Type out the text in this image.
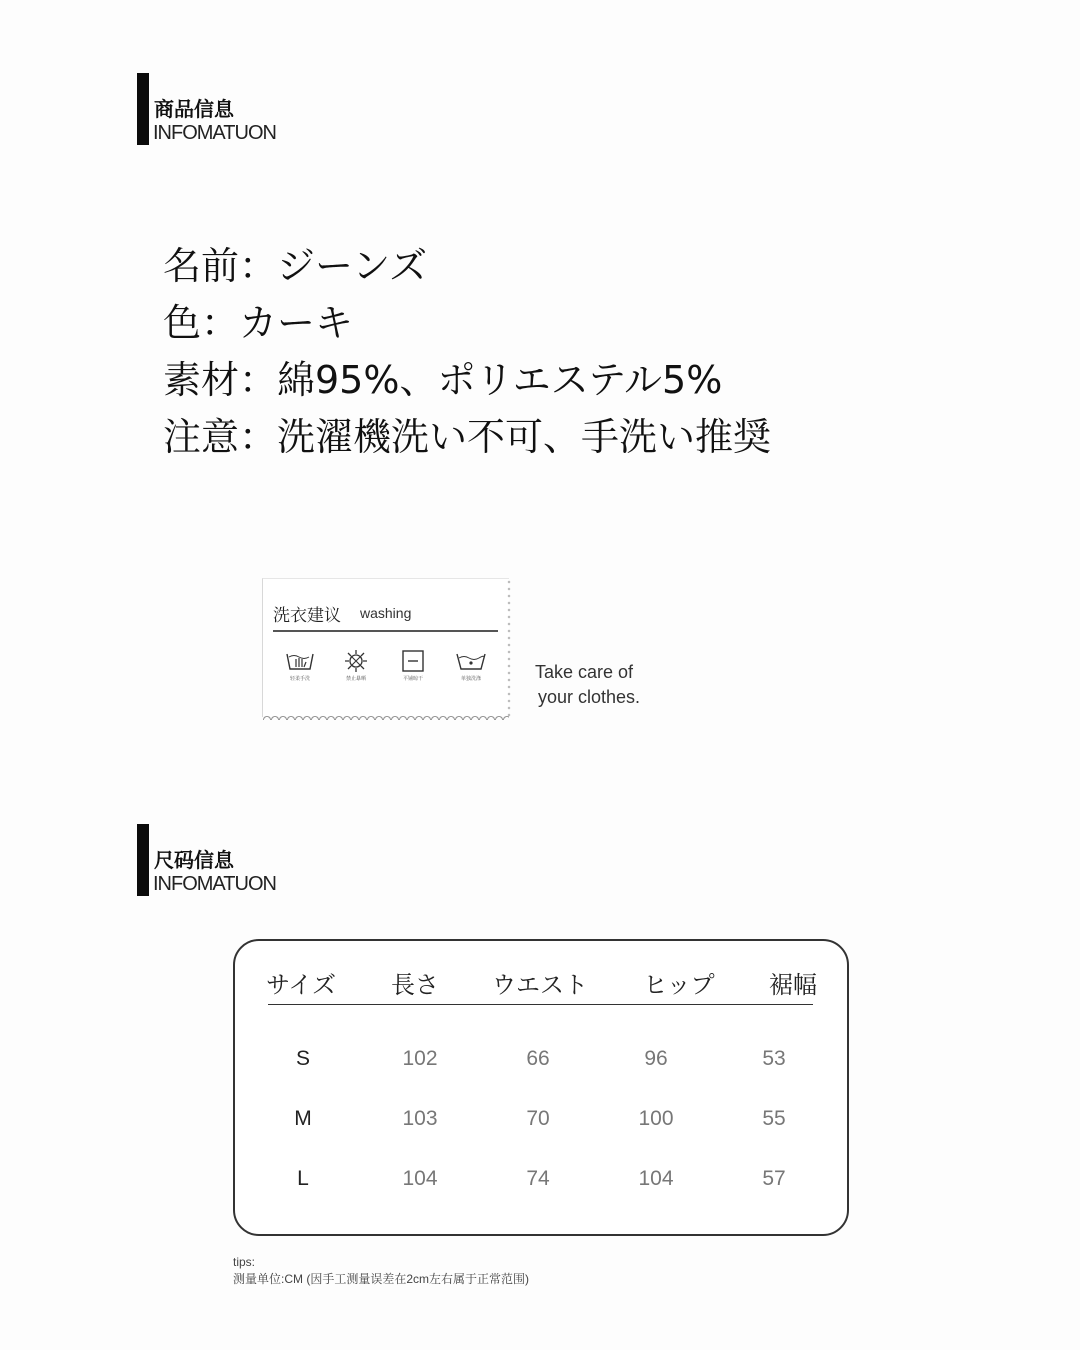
商品信息
INFOMATUON
名前：ジーンズ
色：カーキ
素材：綿95%、ポリエステル5%
注意：洗濯機洗い不可、手洗い推奨
洗衣建议 washing
轻柔手洗	禁止暴晒	平铺晾干	单独洗涤	Take care of
your clothes.
尺码信息
INFOMATUON
サイズ 長さ ウエスト ヒップ 裾幅
S	102	66	96	53
M	103	70	100	55
L	104	74	104	57
tips:
测量单位:CM (因手工测量误差在2cm左右属于正常范围)
